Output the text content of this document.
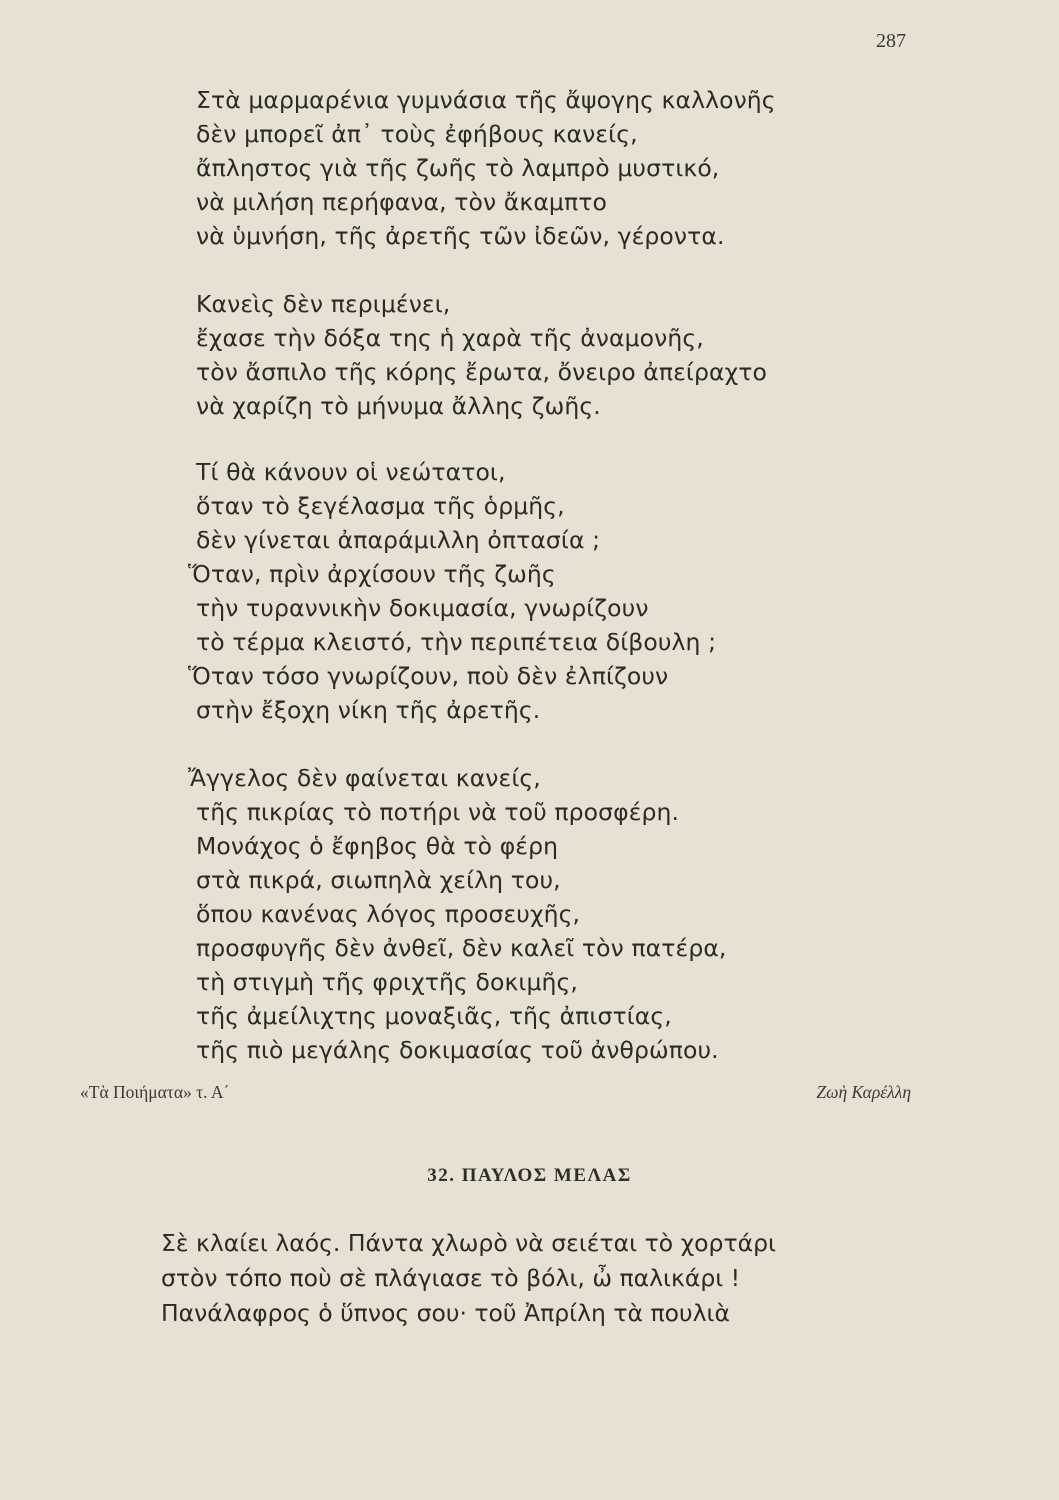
287
Στὰ μαρμαρένια γυμνάσια τῆς ἄψογης καλλονῆς
δὲν μπορεῖ ἀπ᾽ τοὺς ἐφήβους κανείς,
ἄπληστος γιὰ τῆς ζωῆς τὸ λαμπρὸ μυστικό,
νὰ μιλήση περήφανα, τὸν ἄκαμπτο
νὰ ὑμνήση, τῆς ἀρετῆς τῶν ἰδεῶν, γέροντα.
Κανεὶς δὲν περιμένει,
ἔχασε τὴν δόξα της ἡ χαρὰ τῆς ἀναμονῆς,
τὸν ἄσπιλο τῆς κόρης ἔρωτα, ὄνειρο ἀπείραχτο
νὰ χαρίζη τὸ μήνυμα ἄλλης ζωῆς.
Τί θὰ κάνουν οἱ νεώτατοι,
ὅταν τὸ ξεγέλασμα τῆς ὁρμῆς,
δὲν γίνεται ἀπαράμιλλη ὀπτασία ;
Ὅταν, πρὶν ἀρχίσουν τῆς ζωῆς
τὴν τυραννικὴν δοκιμασία, γνωρίζουν
τὸ τέρμα κλειστό, τὴν περιπέτεια δίβουλη ;
Ὅταν τόσο γνωρίζουν, ποὺ δὲν ἐλπίζουν
στὴν ἔξοχη νίκη τῆς ἀρετῆς.
Ἄγγελος δὲν φαίνεται κανείς,
τῆς πικρίας τὸ ποτήρι νὰ τοῦ προσφέρη.
Μονάχος ὁ ἔφηβος θὰ τὸ φέρη
στὰ πικρά, σιωπηλὰ χείλη του,
ὅπου κανένας λόγος προσευχῆς,
προσφυγῆς δὲν ἀνθεῖ, δὲν καλεῖ τὸν πατέρα,
τὴ στιγμὴ τῆς φριχτῆς δοκιμῆς,
τῆς ἀμείλιχτης μοναξιᾶς, τῆς ἀπιστίας,
τῆς πιὸ μεγάλης δοκιμασίας τοῦ ἀνθρώπου.
«Τὰ Ποιήματα» τ. Α΄	Ζωὴ Καρέλλη
32. ΠΑΥΛΟΣ ΜΕΛΑΣ
Σὲ κλαίει λαός. Πάντα χλωρὸ νὰ σειέται τὸ χορτάρι
στὸν τόπο ποὺ σὲ πλάγιασε τὸ βόλι, ὦ παλικάρι !
Πανάλαφρος ὁ ὕπνος σου· τοῦ Ἀπρίλη τὰ πουλιὰ
